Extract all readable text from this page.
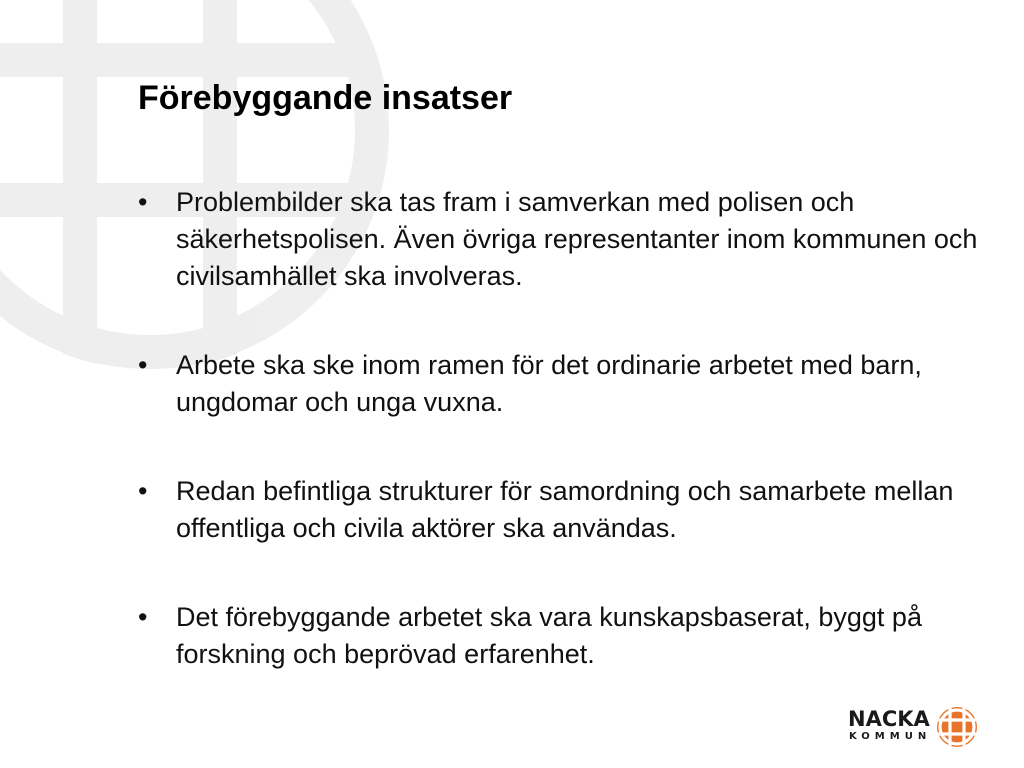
Förebyggande insatser
•	Problembilder ska tas fram i samverkan med polisen och säkerhetspolisen. Även övriga representanter inom kommunen och civilsamhället ska involveras.
•	Arbete ska ske inom ramen för det ordinarie arbetet med barn, ungdomar och unga vuxna.
•	Redan befintliga strukturer för samordning och samarbete mellan offentliga och civila aktörer ska användas.
•	Det förebyggande arbetet ska vara kunskapsbaserat, byggt på forskning och beprövad erfarenhet.
NACKA
KOMMUN
